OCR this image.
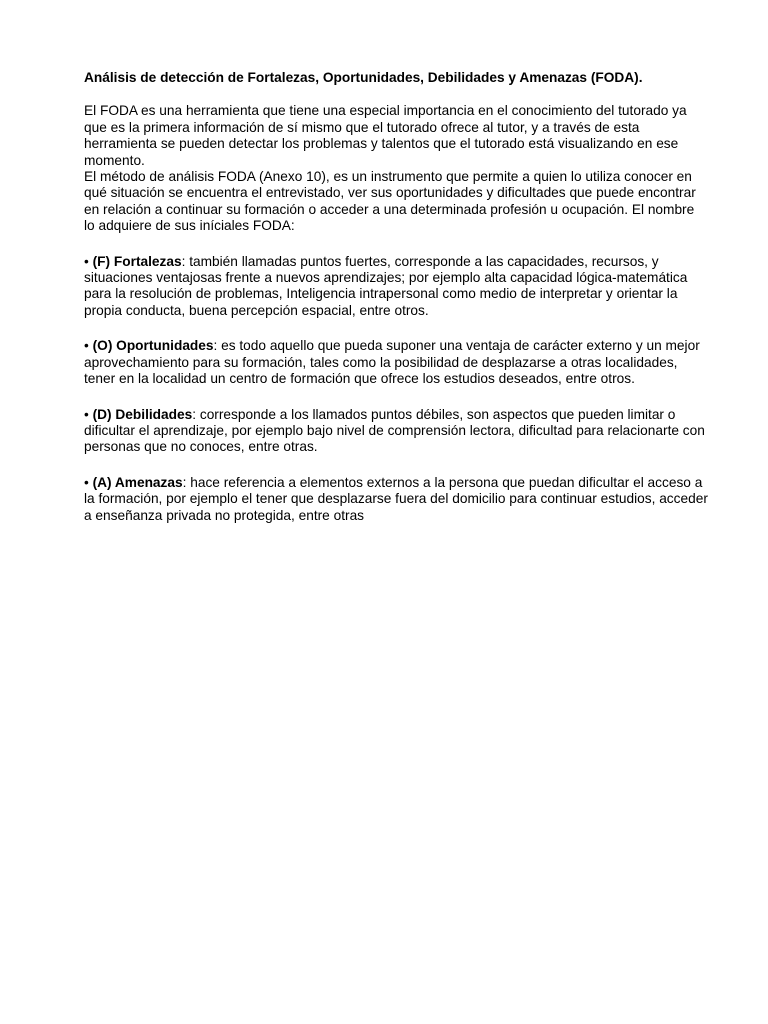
Análisis de detección de Fortalezas, Oportunidades, Debilidades y Amenazas (FODA).

El FODA es una herramienta que tiene una especial importancia en el conocimiento del tutorado ya que es la primera información de sí mismo que el tutorado ofrece al tutor, y a través de esta herramienta se pueden detectar los problemas y talentos que el tutorado está visualizando en ese momento.

El método de análisis FODA (Anexo 10), es un instrumento que permite a quien lo utiliza conocer en qué situación se encuentra el entrevistado, ver sus oportunidades y dificultades que puede encontrar en relación a continuar su formación o acceder a una determinada profesión u ocupación. El nombre lo adquiere de sus iníciales FODA:

• (F) Fortalezas: también llamadas puntos fuertes, corresponde a las capacidades, recursos, y situaciones ventajosas frente a nuevos aprendizajes; por ejemplo alta capacidad lógica-matemática para la resolución de problemas, Inteligencia intrapersonal como medio de interpretar y orientar la propia conducta, buena percepción espacial, entre otros.

• (O) Oportunidades: es todo aquello que pueda suponer una ventaja de carácter externo y un mejor aprovechamiento para su formación, tales como la posibilidad de desplazarse a otras localidades, tener en la localidad un centro de formación que ofrece los estudios deseados, entre otros.

• (D) Debilidades: corresponde a los llamados puntos débiles, son aspectos que pueden limitar o dificultar el aprendizaje, por ejemplo bajo nivel de comprensión lectora, dificultad para relacionarte con personas que no conoces, entre otras.

• (A) Amenazas: hace referencia a elementos externos a la persona que puedan dificultar el acceso a la formación, por ejemplo el tener que desplazarse fuera del domicilio para continuar estudios, acceder a enseñanza privada no protegida, entre otras
